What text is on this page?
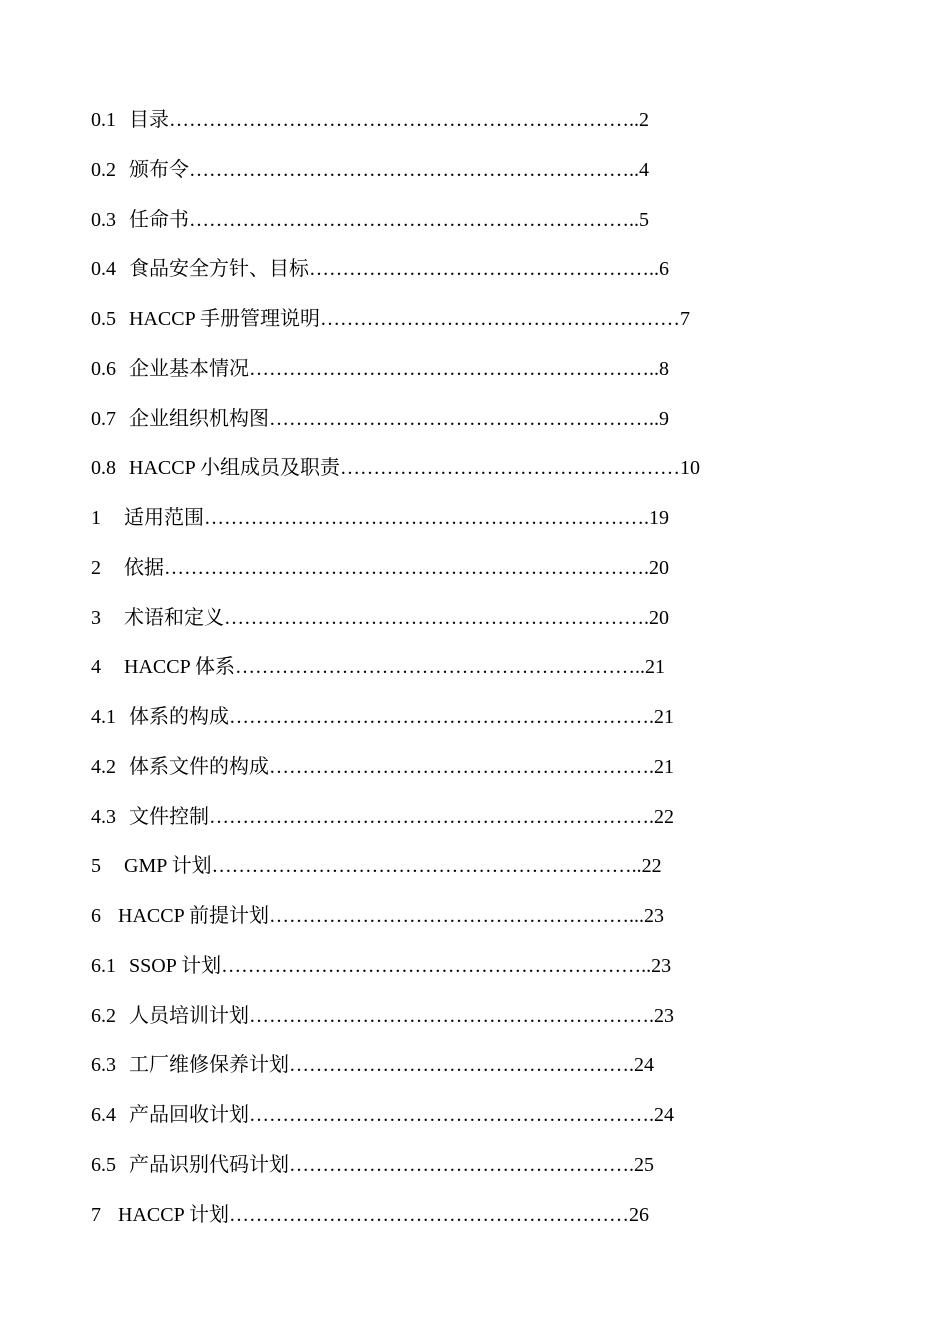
0.1 目录……………………………………………………………..2
0.2 颁布令…………………………………………………………..4
0.3 任命书…………………………………………………………..5
0.4 食品安全方针、目标……………………………………………..6
0.5 HACCP 手册管理说明………………………………………………7
0.6 企业基本情况……………………………………………………..8
0.7 企业组织机构图…………………………………………………..9
0.8 HACCP 小组成员及职责……………………………………………10
1 适用范围………………………………………………………….19
2 依据……………………………………………………………….20
3 术语和定义……………………………………………………….20
4 HACCP 体系……………………………………………………..21
4.1 体系的构成……………………………………………………….21
4.2 体系文件的构成………………………………………………….21
4.3 文件控制………………………………………………………….22
5 GMP 计划………………………………………………………..22
6 HACCP 前提计划………………………………………………...23
6.1 SSOP 计划………………………………………………………..23
6.2 人员培训计划…………………………………………………….23
6.3 工厂维修保养计划…………………………………………….24
6.4 产品回收计划…………………………………………………….24
6.5 产品识别代码计划…………………………………………….25
7 HACCP 计划……………………………………………………26
